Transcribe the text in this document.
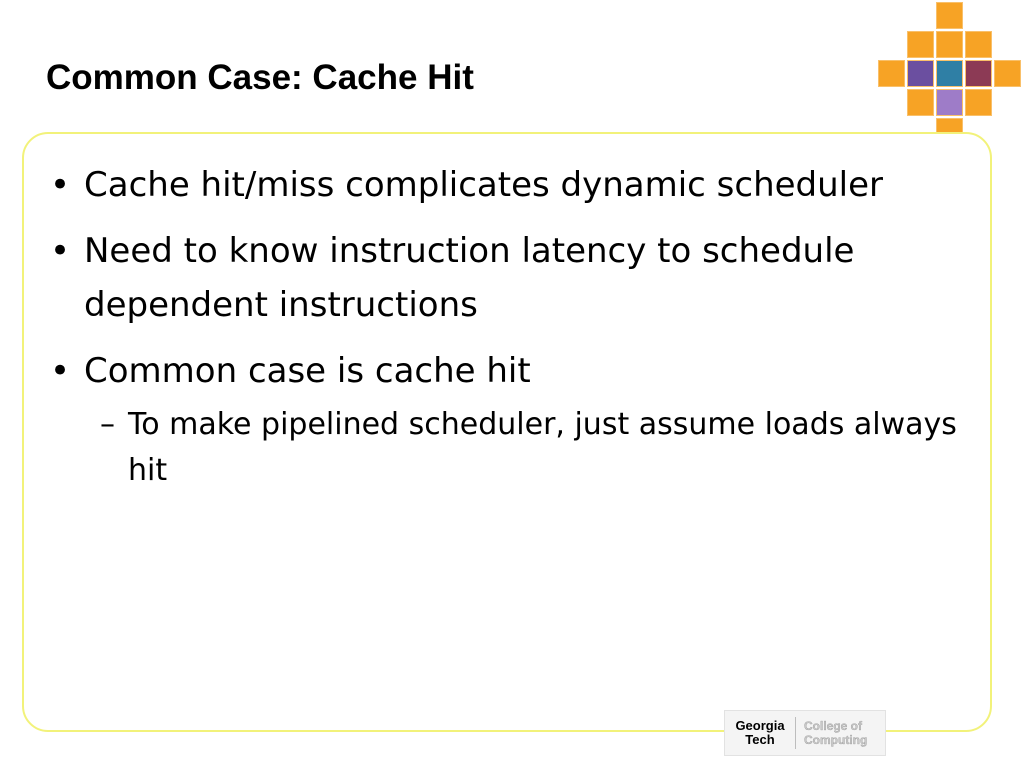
Common Case: Cache Hit
• Cache hit/miss complicates dynamic scheduler
• Need to know instruction latency to schedule dependent instructions
• Common case is cache hit
– To make pipelined scheduler, just assume loads always hit
Georgia
Tech
College of
Computing
